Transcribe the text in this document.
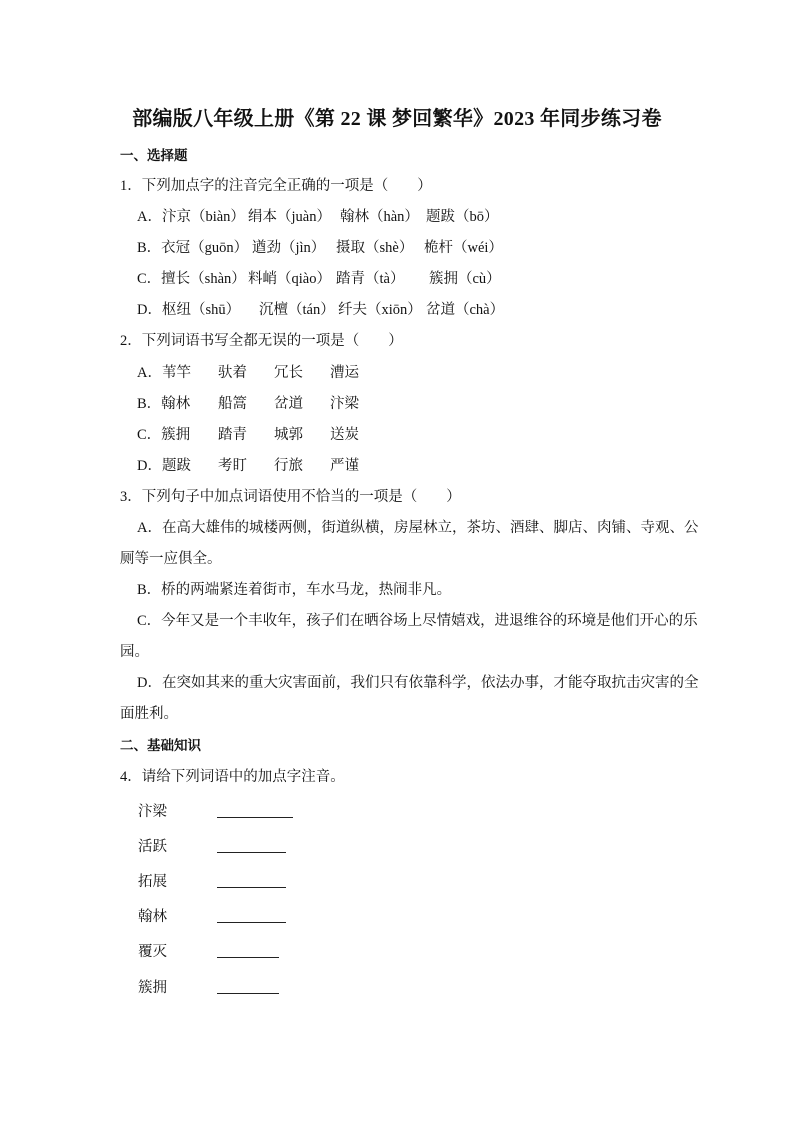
部编版八年级上册《第 22 课 梦回繁华》2023 年同步练习卷
一、选择题
1．下列加点字的注音完全正确的一项是（　　）
A．汴京（biàn） 绢本（juàn） 翰林（hàn） 题跋（bō）
B．衣冠（guōn） 遒劲（jìn） 摄取（shè） 桅杆（wéi）
C．擅长（shàn） 料峭（qiào） 踏青（tà） 簇拥（cù）
D．枢纽（shū） 沉檀（tán） 纤夫（xiōn） 岔道（chà）
2．下列词语书写全都无误的一项是（　　）
A．苇竿 驮着 冗长 漕运
B．翰林 船篙 岔道 汴梁
C．簇拥 踏青 城郭 送炭
D．题跋 考盯 行旅 严谨
3．下列句子中加点词语使用不恰当的一项是（　　）
A．在高大雄伟的城楼两侧，街道纵横，房屋林立，茶坊、酒肆、脚店、肉铺、寺观、公
厕等一应俱全。
B．桥的两端紧连着街市，车水马龙，热闹非凡。
C．今年又是一个丰收年，孩子们在晒谷场上尽情嬉戏，进退维谷的环境是他们开心的乐
园。
D．在突如其来的重大灾害面前，我们只有依靠科学，依法办事，才能夺取抗击灾害的全
面胜利。
二、基础知识
4．请给下列词语中的加点字注音。
汴梁
活跃
拓展
翰林
覆灭
簇拥
